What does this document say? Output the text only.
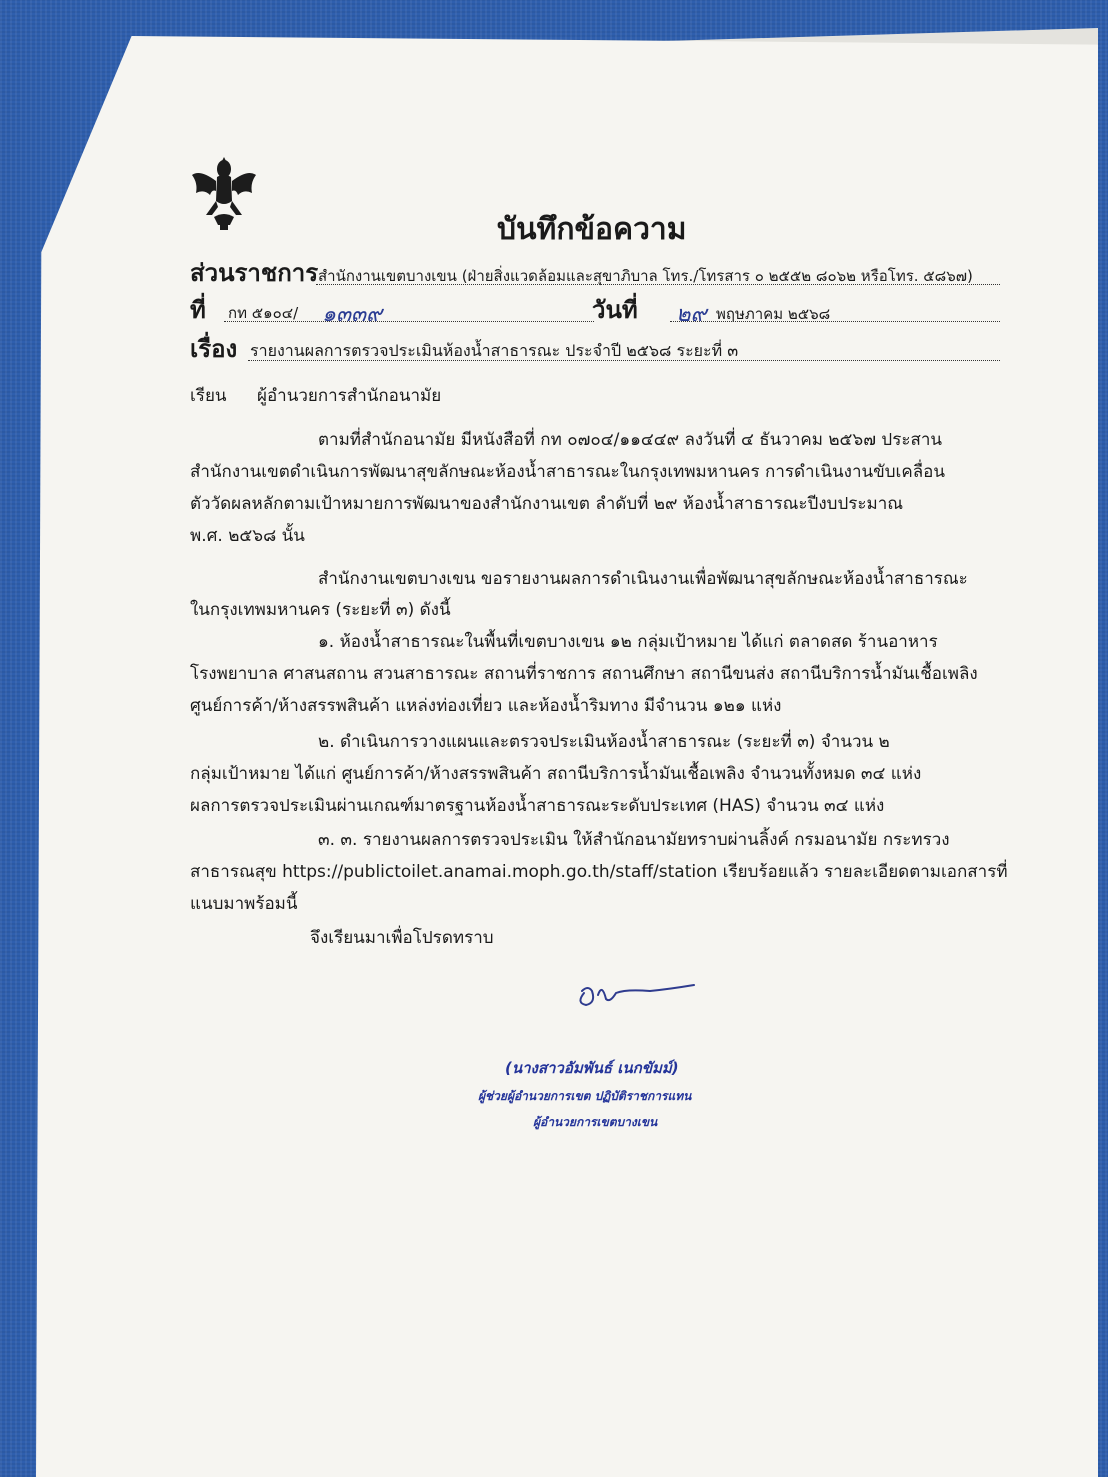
บันทึกข้อความ
ส่วนราชการ สำนักงานเขตบางเขน (ฝ่ายสิ่งแวดล้อมและสุขาภิบาล โทร./โทรสาร ๐ ๒๕๕๒ ๘๐๖๒ หรือโทร. ๕๘๖๗)
ที่ กท ๕๑๐๔/ ๑๓๓๙	วันที่ ๒๙ พฤษภาคม ๒๕๖๘
เรื่อง รายงานผลการตรวจประเมินห้องน้ำสาธารณะ ประจำปี ๒๕๖๘ ระยะที่ ๓
เรียน ผู้อำนวยการสำนักอนามัย
ตามที่สำนักอนามัย มีหนังสือที่ กท ๐๗๐๔/๑๑๔๔๙ ลงวันที่ ๔ ธันวาคม ๒๕๖๗ ประสาน
สำนักงานเขตดำเนินการพัฒนาสุขลักษณะห้องน้ำสาธารณะในกรุงเทพมหานคร การดำเนินงานขับเคลื่อน
ตัววัดผลหลักตามเป้าหมายการพัฒนาของสำนักงานเขต ลำดับที่ ๒๙ ห้องน้ำสาธารณะปีงบประมาณ
พ.ศ. ๒๕๖๘ นั้น
สำนักงานเขตบางเขน ขอรายงานผลการดำเนินงานเพื่อพัฒนาสุขลักษณะห้องน้ำสาธารณะ
ในกรุงเทพมหานคร (ระยะที่ ๓) ดังนี้
๑. ห้องน้ำสาธารณะในพื้นที่เขตบางเขน ๑๒ กลุ่มเป้าหมาย ได้แก่ ตลาดสด ร้านอาหาร
โรงพยาบาล ศาสนสถาน สวนสาธารณะ สถานที่ราชการ สถานศึกษา สถานีขนส่ง สถานีบริการน้ำมันเชื้อเพลิง
ศูนย์การค้า/ห้างสรรพสินค้า แหล่งท่องเที่ยว และห้องน้ำริมทาง มีจำนวน ๑๒๑ แห่ง
๒. ดำเนินการวางแผนและตรวจประเมินห้องน้ำสาธารณะ (ระยะที่ ๓) จำนวน ๒
กลุ่มเป้าหมาย ได้แก่ ศูนย์การค้า/ห้างสรรพสินค้า สถานีบริการน้ำมันเชื้อเพลิง จำนวนทั้งหมด ๓๔ แห่ง
ผลการตรวจประเมินผ่านเกณฑ์มาตรฐานห้องน้ำสาธารณะระดับประเทศ (HAS) จำนวน ๓๔ แห่ง
๓. ๓. รายงานผลการตรวจประเมิน ให้สำนักอนามัยทราบผ่านลิ้งค์ กรมอนามัย กระทรวง
สาธารณสุข https://publictoilet.anamai.moph.go.th/staff/station เรียบร้อยแล้ว รายละเอียดตามเอกสารที่
แนบมาพร้อมนี้
จึงเรียนมาเพื่อโปรดทราบ
(นางสาวอัมพันธ์ เนกขัมม์)
ผู้ช่วยผู้อำนวยการเขต ปฏิบัติราชการแทน
ผู้อำนวยการเขตบางเขน
